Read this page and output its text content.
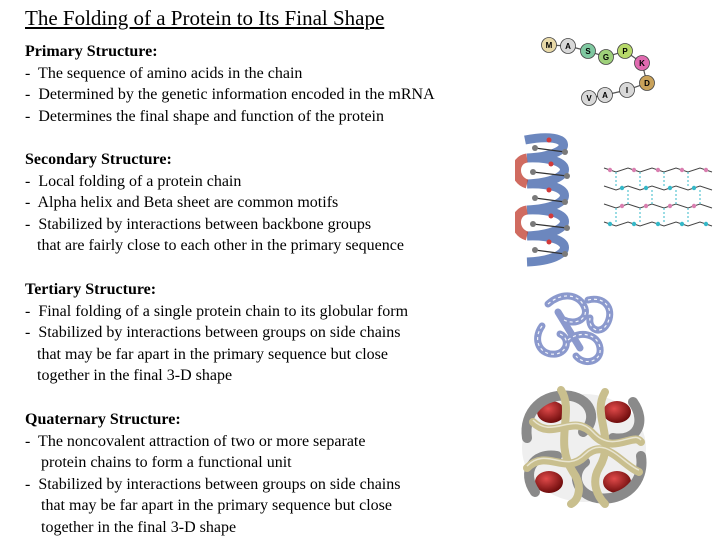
The Folding of a Protein to Its Final Shape
Primary Structure:
-  The sequence of amino acids in the chain
-  Determined by the genetic information encoded in the mRNA
-  Determines the final shape and function of the protein
Secondary Structure:
-  Local folding of a protein chain
-  Alpha helix and Beta sheet are common motifs
-  Stabilized by interactions between backbone groups
that are fairly close to each other in the primary sequence
Tertiary Structure:
-  Final folding of a single protein chain to its globular form
-  Stabilized by interactions between groups on side chains
that may be far apart in the primary sequence but close
together in the final 3-D shape
Quaternary Structure:
-  The noncovalent attraction of two or more separate
protein chains to form a functional unit
-  Stabilized by interactions between groups on side chains
that may be far apart in the primary sequence but close
together in the final 3-D shape
M A
S
G
P
K
D
I
A
V
